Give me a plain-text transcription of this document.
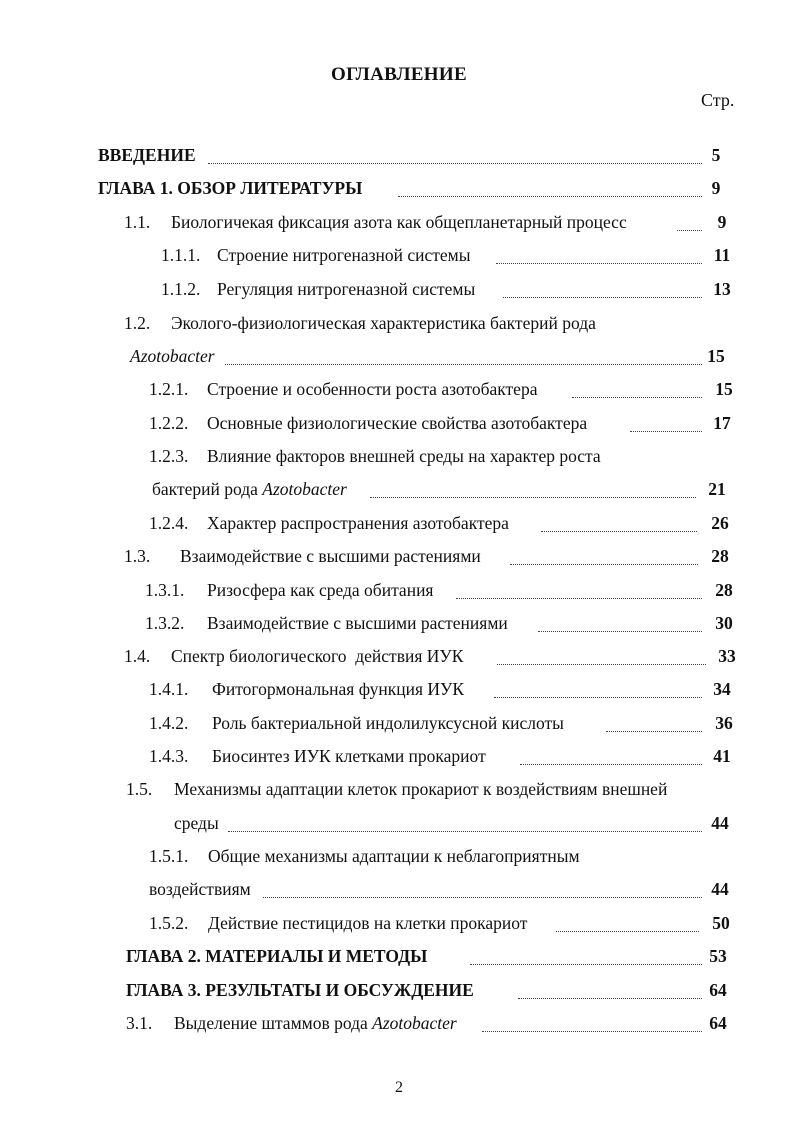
ОГЛАВЛЕНИЕ
Стр.
ВВЕДЕНИЕ	5
ГЛАВА 1. ОБЗОР ЛИТЕРАТУРЫ	9
1.1. Биологичекая фиксация азота как общепланетарный процесс	9
1.1.1. Строение нитрогеназной системы	11
1.1.2. Регуляция нитрогеназной системы	13
1.2. Эколого-физиологическая характеристика бактерий рода
Azotobacter	15
1.2.1. Строение и особенности роста азотобактера	15
1.2.2. Основные физиологические свойства азотобактера	17
1.2.3. Влияние факторов внешней среды на характер роста
бактерий рода Azotobacter	21
1.2.4. Характер распространения азотобактера	26
1.3. Взаимодействие с высшими растениями	28
1.3.1. Ризосфера как среда обитания	28
1.3.2. Взаимодействие с высшими растениями	30
1.4. Спектр биологического  действия ИУК	33
1.4.1. Фитогормональная функция ИУК	34
1.4.2. Роль бактериальной индолилуксусной кислоты	36
1.4.3. Биосинтез ИУК клетками прокариот	41
1.5. Механизмы адаптации клеток прокариот к воздействиям внешней
среды	44
1.5.1. Общие механизмы адаптации к неблагоприятным
воздействиям	44
1.5.2. Действие пестицидов на клетки прокариот	50
ГЛАВА 2. МАТЕРИАЛЫ И МЕТОДЫ	53
ГЛАВА 3. РЕЗУЛЬТАТЫ И ОБСУЖДЕНИЕ	64
3.1. Выделение штаммов рода Azotobacter	64
2
